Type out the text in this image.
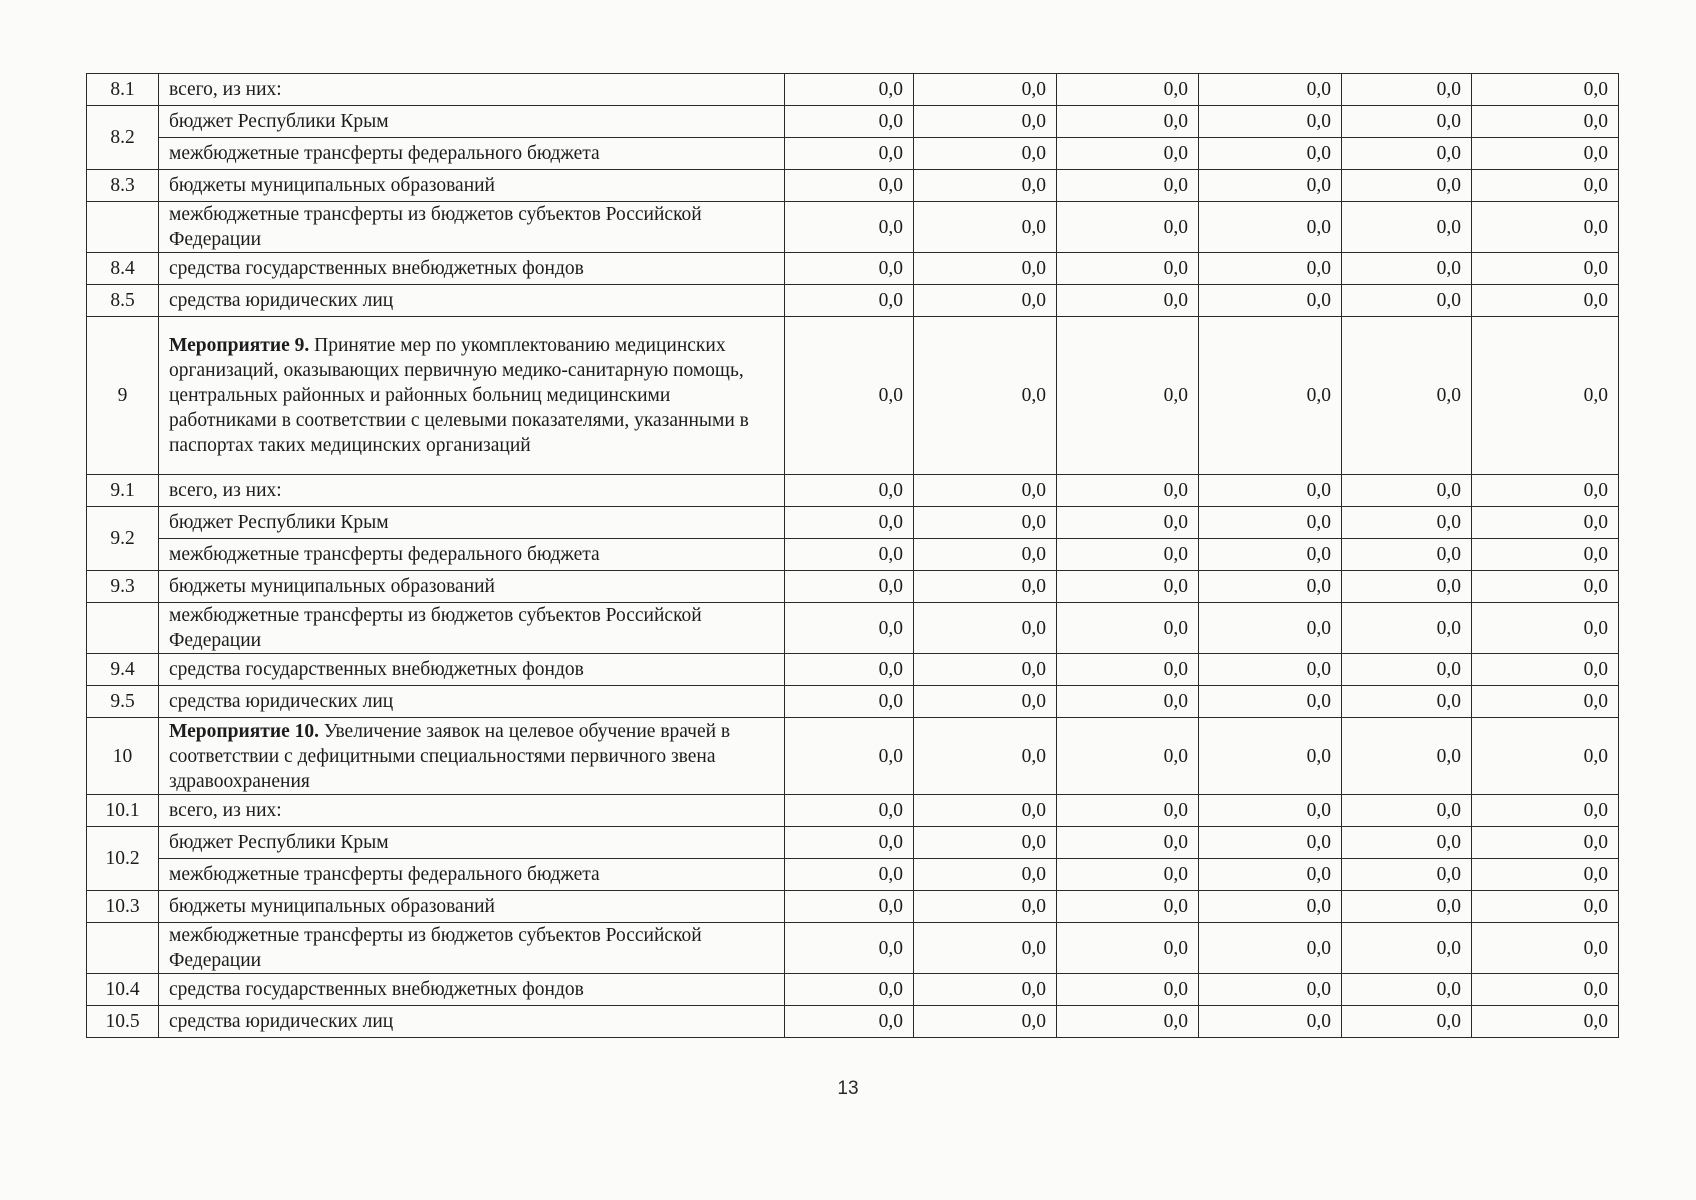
8.1	всего, из них:	0,0	0,0	0,0	0,0	0,0	0,0
8.2	бюджет Республики Крым	0,0	0,0	0,0	0,0	0,0	0,0
	межбюджетные трансферты федерального бюджета	0,0	0,0	0,0	0,0	0,0	0,0
8.3	бюджеты муниципальных образований	0,0	0,0	0,0	0,0	0,0	0,0
	межбюджетные трансферты из бюджетов субъектов Российской Федерации	0,0	0,0	0,0	0,0	0,0	0,0
8.4	средства государственных внебюджетных фондов	0,0	0,0	0,0	0,0	0,0	0,0
8.5	средства юридических лиц	0,0	0,0	0,0	0,0	0,0	0,0
9	Мероприятие 9. Принятие мер по укомплектованию медицинских организаций, оказывающих первичную медико-санитарную помощь, центральных районных и районных больниц медицинскими работниками в соответствии с целевыми показателями, указанными в паспортах таких медицинских организаций	0,0	0,0	0,0	0,0	0,0	0,0
9.1	всего, из них:	0,0	0,0	0,0	0,0	0,0	0,0
9.2	бюджет Республики Крым	0,0	0,0	0,0	0,0	0,0	0,0
	межбюджетные трансферты федерального бюджета	0,0	0,0	0,0	0,0	0,0	0,0
9.3	бюджеты муниципальных образований	0,0	0,0	0,0	0,0	0,0	0,0
	межбюджетные трансферты из бюджетов субъектов Российской Федерации	0,0	0,0	0,0	0,0	0,0	0,0
9.4	средства государственных внебюджетных фондов	0,0	0,0	0,0	0,0	0,0	0,0
9.5	средства юридических лиц	0,0	0,0	0,0	0,0	0,0	0,0
10	Мероприятие 10. Увеличение заявок на целевое обучение врачей в соответствии с дефицитными специальностями первичного звена здравоохранения	0,0	0,0	0,0	0,0	0,0	0,0
10.1	всего, из них:	0,0	0,0	0,0	0,0	0,0	0,0
10.2	бюджет Республики Крым	0,0	0,0	0,0	0,0	0,0	0,0
	межбюджетные трансферты федерального бюджета	0,0	0,0	0,0	0,0	0,0	0,0
10.3	бюджеты муниципальных образований	0,0	0,0	0,0	0,0	0,0	0,0
	межбюджетные трансферты из бюджетов субъектов Российской Федерации	0,0	0,0	0,0	0,0	0,0	0,0
10.4	средства государственных внебюджетных фондов	0,0	0,0	0,0	0,0	0,0	0,0
10.5	средства юридических лиц	0,0	0,0	0,0	0,0	0,0	0,0
13
